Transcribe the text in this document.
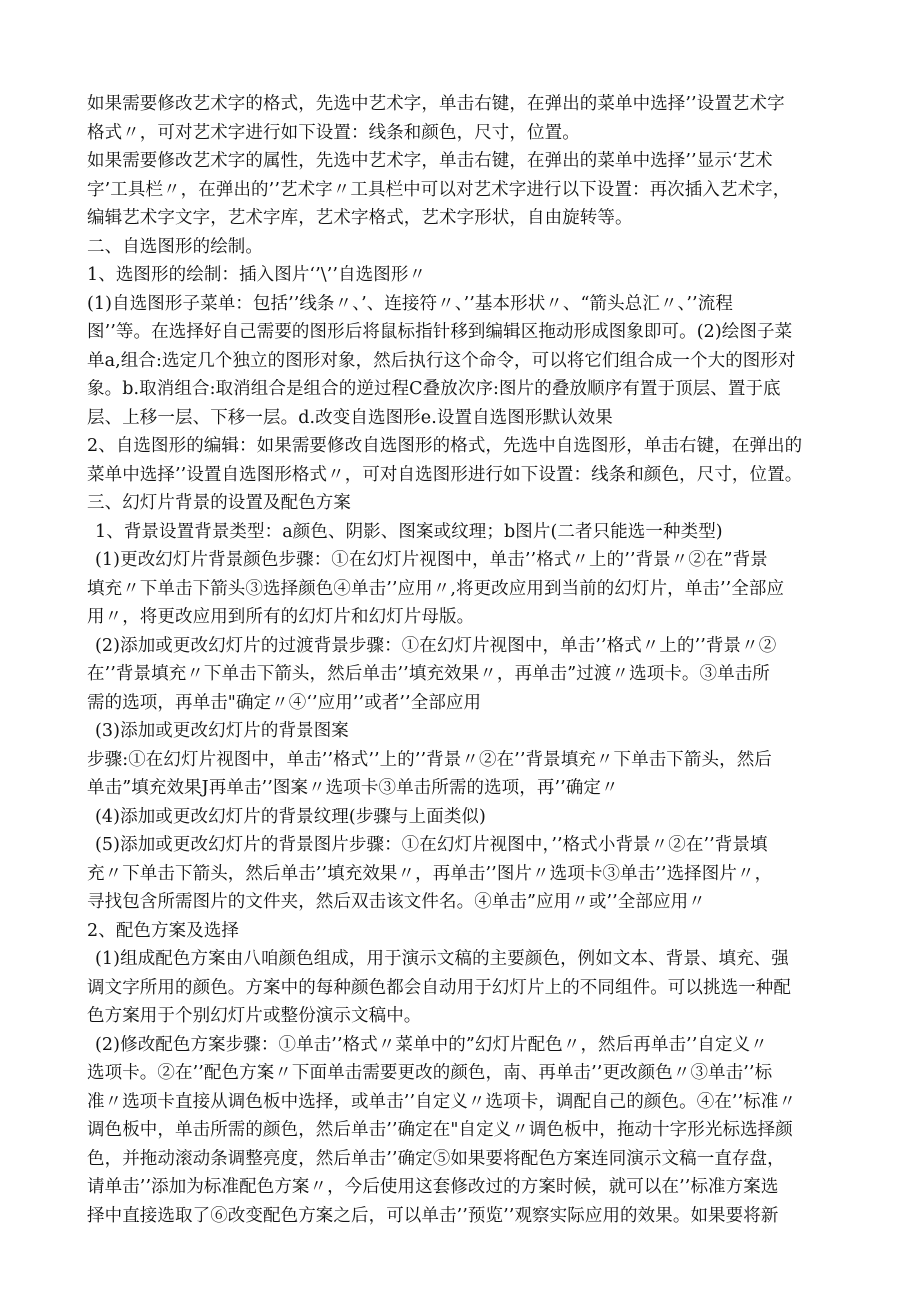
如果需要修改艺术字的格式，先选中艺术字，单击右键，在弹出的菜单中选择’’设置艺术字
格式〃，可对艺术字进行如下设置：线条和颜色，尺寸，位置。
如果需要修改艺术字的属性，先选中艺术字，单击右键，在弹出的菜单中选择’’显示‘艺术
字’工具栏〃，在弹出的’’艺术字〃工具栏中可以对艺术字进行以下设置：再次插入艺术字，
编辑艺术字文字，艺术字库，艺术字格式，艺术字形状，自由旋转等。
二、自选图形的绘制。
1、选图形的绘制：插入图片‘’\’’自选图形〃
(1)自选图形子菜单：包括’’线条〃、’、连接符〃、’’基本形状〃、“箭头总汇〃、’’流程
图’’等。在选择好自己需要的图形后将鼠标指针移到编辑区拖动形成图象即可。(2)绘图子菜
单a,组合:选定几个独立的图形对象，然后执行这个命令，可以将它们组合成一个大的图形对
象。b.取消组合:取消组合是组合的逆过程C叠放次序:图片的叠放顺序有置于顶层、置于底
层、上移一层、下移一层。d.改变自选图形e.设置自选图形默认效果
2、自选图形的编辑：如果需要修改自选图形的格式，先选中自选图形，单击右键，在弹出的
菜单中选择’’设置自选图形格式〃，可对自选图形进行如下设置：线条和颜色，尺寸，位置。
三、幻灯片背景的设置及配色方案
1、背景设置背景类型：a颜色、阴影、图案或纹理；b图片(二者只能选一种类型)
(1)更改幻灯片背景颜色步骤：①在幻灯片视图中，单击’’格式〃上的’’背景〃②在”背景
填充〃下单击下箭头③选择颜色④单击’’应用〃,将更改应用到当前的幻灯片，单击’’全部应
用〃，将更改应用到所有的幻灯片和幻灯片母版。
(2)添加或更改幻灯片的过渡背景步骤：①在幻灯片视图中，单击’’格式〃上的’’背景〃②
在’’背景填充〃下单击下箭头，然后单击’’填充效果〃，再单击”过渡〃选项卡。③单击所
需的选项，再单击"确定〃④‘’应用’’或者’’全部应用
(3)添加或更改幻灯片的背景图案
步骤:①在幻灯片视图中，单击’’格式’’上的’’背景〃②在’’背景填充〃下单击下箭头，然后
单击”填充效果J再单击’’图案〃选项卡③单击所需的选项，再’’确定〃
(4)添加或更改幻灯片的背景纹理(步骤与上面类似)
(5)添加或更改幻灯片的背景图片步骤：①在幻灯片视图中，’’格式小背景〃②在’’背景填
充〃下单击下箭头，然后单击’’填充效果〃，再单击’’图片〃选项卡③单击’’选择图片〃，
寻找包含所需图片的文件夹，然后双击该文件名。④单击”应用〃或’’全部应用〃
2、配色方案及选择
(1)组成配色方案由八咱颜色组成，用于演示文稿的主要颜色，例如文本、背景、填充、强
调文字所用的颜色。方案中的每种颜色都会自动用于幻灯片上的不同组件。可以挑选一种配
色方案用于个别幻灯片或整份演示文稿中。
(2)修改配色方案步骤：①单击’’格式〃菜单中的”幻灯片配色〃，然后再单击’’自定义〃
选项卡。②在’’配色方案〃下面单击需要更改的颜色，南、再单击’’更改颜色〃③单击’’标
准〃选项卡直接从调色板中选择，或单击’’自定义〃选项卡，调配自己的颜色。④在’’标准〃
调色板中，单击所需的颜色，然后单击’’确定在"自定义〃调色板中，拖动十字形光标选择颜
色，并拖动滚动条调整亮度，然后单击’’确定⑤如果要将配色方案连同演示文稿一直存盘，
请单击’’添加为标准配色方案〃，今后使用这套修改过的方案时候，就可以在’’标准方案选
择中直接选取了⑥改变配色方案之后，可以单击’’预览’’观察实际应用的效果。如果要将新
